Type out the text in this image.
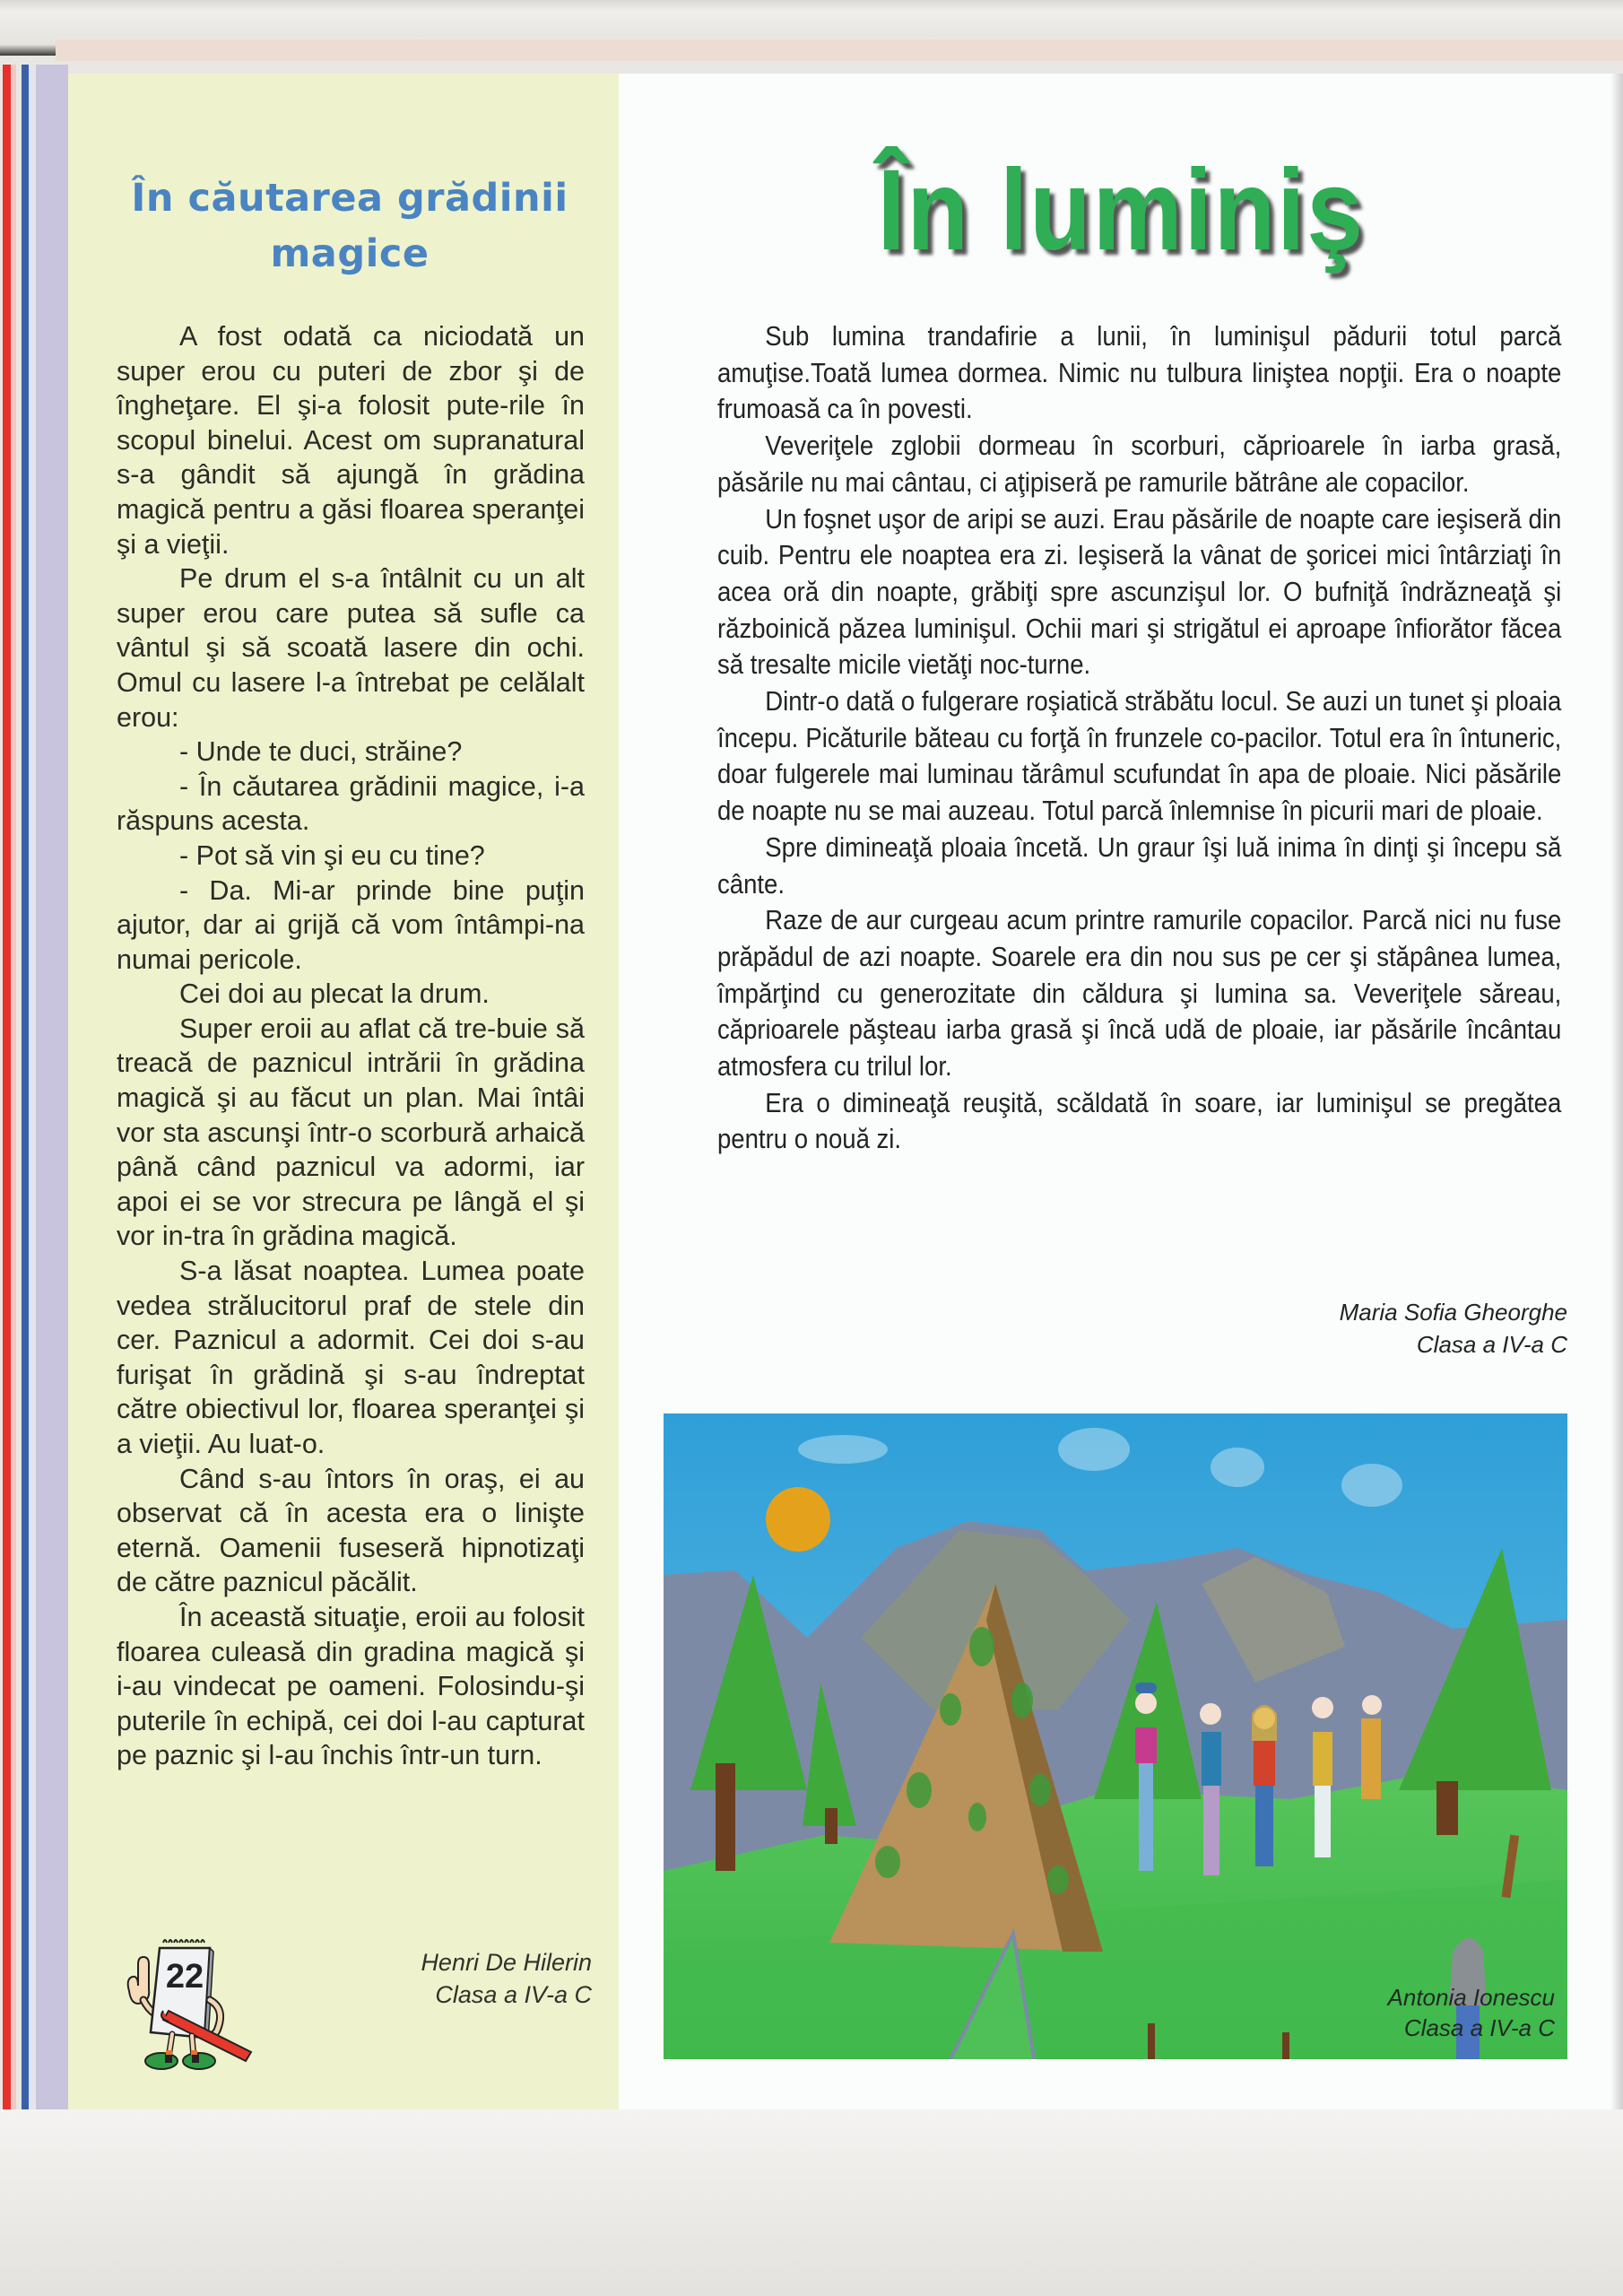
În căutarea grădinii
magice

A fost odată ca niciodată un super erou cu puteri de zbor şi de îngheţare. El şi-a folosit pute-rile în scopul binelui. Acest om supranatural s-a gândit să ajungă în grădina magică pentru a găsi floarea speranţei şi a vieţii.

Pe drum el s-a întâlnit cu un alt super erou care putea să sufle ca vântul şi să scoată lasere din ochi. Omul cu lasere l-a întrebat pe celălalt erou:

- Unde te duci, străine?

- În căutarea grădinii magice, i-a răspuns acesta.

- Pot să vin şi eu cu tine?

- Da. Mi-ar prinde bine puţin ajutor, dar ai grijă că vom întâmpi-na numai pericole.

Cei doi au plecat la drum.

Super eroii au aflat că tre-buie să treacă de paznicul intrării în grădina magică şi au făcut un plan. Mai întâi vor sta ascunşi într-o scorbură arhaică până când paznicul va adormi, iar apoi ei se vor strecura pe lângă el şi vor in-tra în grădina magică.

S-a lăsat noaptea. Lumea poate vedea strălucitorul praf de stele din cer. Paznicul a adormit. Cei doi s-au furişat în grădină şi s-au îndreptat către obiectivul lor, floarea speranţei şi a vieţii. Au luat-o.

Când s-au întors în oraş, ei au observat că în acesta era o linişte eternă. Oamenii fuseseră hipnotizaţi de către paznicul păcălit.

În această situaţie, eroii au folosit floarea culeasă din gradina magică şi i-au vindecat pe oameni. Folosindu-şi puterile în echipă, cei doi l-au capturat pe paznic şi l-au închis într-un turn.

22	Henri De Hilerin
Clasa a IV-a C
În luminiş

Sub lumina trandafirie a lunii, în luminişul pădurii totul parcă amuţise.Toată lumea dormea. Nimic nu tulbura liniştea nopţii. Era o noapte frumoasă ca în povesti.

Veveriţele zglobii dormeau în scorburi, căprioarele în iarba grasă, păsările nu mai cântau, ci aţipiseră pe ramurile bătrâne ale copacilor.

Un foşnet uşor de aripi se auzi. Erau păsările de noapte care ieşiseră din cuib. Pentru ele noaptea era zi. Ieşiseră la vânat de şoricei mici întârziaţi în acea oră din noapte, grăbiţi spre ascunzişul lor. O bufniţă îndrăzneaţă şi războinică păzea luminişul. Ochii mari şi strigătul ei aproape înfiorător făcea să tresalte micile vietăţi noc-turne.

Dintr-o dată o fulgerare roşiatică străbătu locul. Se auzi un tunet şi ploaia începu. Picăturile băteau cu forţă în frunzele co-pacilor. Totul era în întuneric, doar fulgerele mai luminau tărâmul scufundat în apa de ploaie. Nici păsările de noapte nu se mai auzeau. Totul parcă înlemnise în picurii mari de ploaie.

Spre dimineaţă ploaia încetă. Un graur îşi luă inima în dinţi şi începu să cânte.

Raze de aur curgeau acum printre ramurile copacilor. Parcă nici nu fuse prăpădul de azi noapte. Soarele era din nou sus pe cer şi stăpânea lumea, împărţind cu generozitate din căldura şi lumina sa. Veveriţele săreau, căprioarele păşteau iarba grasă şi încă udă de ploaie, iar păsările încântau atmosfera cu trilul lor.

Era o dimineaţă reuşită, scăldată în soare, iar luminişul se pregătea pentru o nouă zi.

Maria Sofia Gheorghe
Clasa a IV-a C
Antonia Ionescu
Clasa a IV-a C
